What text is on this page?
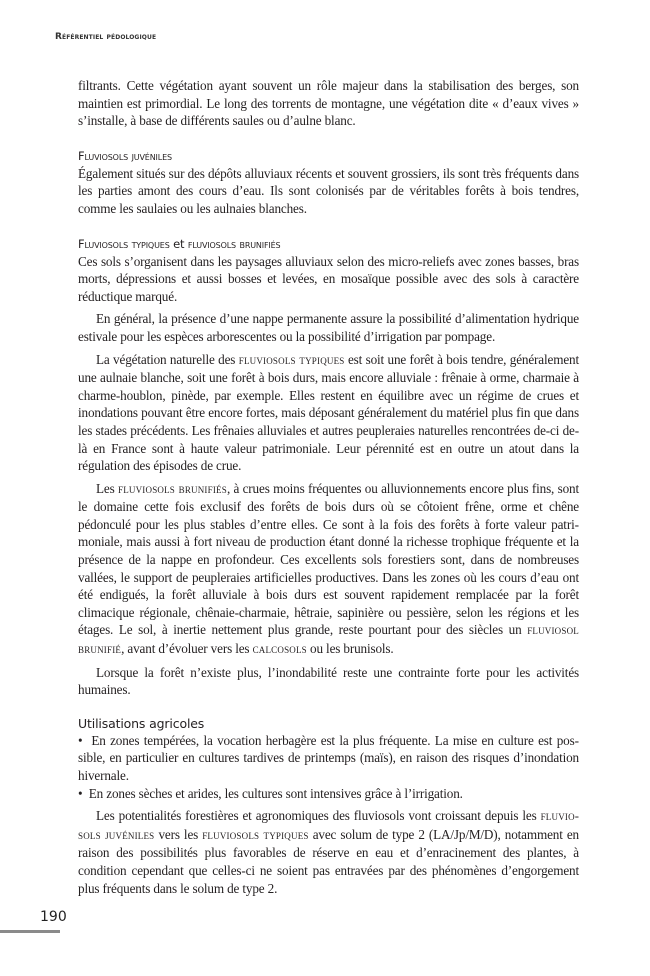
Référentiel pédologique

filtrants. Cette végétation ayant souvent un rôle majeur dans la stabilisation des berges, son maintien est primordial. Le long des torrents de montagne, une végétation dite « d’eaux vives » s’installe, à base de différents saules ou d’aulne blanc.

Fluviosols juvéniles

Également situés sur des dépôts alluviaux récents et souvent grossiers, ils sont très fréquents dans les parties amont des cours d’eau. Ils sont colonisés par de véritables forêts à bois tendres, comme les saulaies ou les aulnaies blanches.

Fluviosols typiques et fluviosols brunifiés

Ces sols s’organisent dans les paysages alluviaux selon des micro-reliefs avec zones basses, bras morts, dépressions et aussi bosses et levées, en mosaïque possible avec des sols à caractère réductique marqué.

En général, la présence d’une nappe permanente assure la possibilité d’alimentation hydrique estivale pour les espèces arborescentes ou la possibilité d’irrigation par pompage.

La végétation naturelle des fluviosols typiques est soit une forêt à bois tendre, généralement une aulnaie blanche, soit une forêt à bois durs, mais encore alluviale : frênaie à orme, charmaie à charme-houblon, pinède, par exemple. Elles restent en équilibre avec un régime de crues et inondations pouvant être encore fortes, mais déposant généralement du matériel plus fin que dans les stades précédents. Les frênaies alluviales et autres peupleraies naturelles rencontrées de-ci de-là en France sont à haute valeur patrimoniale. Leur pérennité est en outre un atout dans la régulation des épisodes de crue.

Les fluviosols brunifiés, à crues moins fréquentes ou alluvionnements encore plus fins, sont le domaine cette fois exclusif des forêts de bois durs où se côtoient frêne, orme et chêne pédonculé pour les plus stables d’entre elles. Ce sont à la fois des forêts à forte valeur patrimoniale, mais aussi à fort niveau de production étant donné la richesse trophique fréquente et la présence de la nappe en profondeur. Ces excellents sols forestiers sont, dans de nombreuses vallées, le support de peupleraies artificielles productives. Dans les zones où les cours d’eau ont été endigués, la forêt alluviale à bois durs est souvent rapidement remplacée par la forêt climacique régionale, chênaie-charmaie, hêtraie, sapinière ou pessière, selon les régions et les étages. Le sol, à inertie nettement plus grande, reste pourtant pour des siècles un fluviosol brunifié, avant d’évoluer vers les calcosols ou les brunisols.

Lorsque la forêt n’existe plus, l’inondabilité reste une contrainte forte pour les activités humaines.

Utilisations agricoles

• En zones tempérées, la vocation herbagère est la plus fréquente. La mise en culture est possible, en particulier en cultures tardives de printemps (maïs), en raison des risques d’inondation hivernale.

• En zones sèches et arides, les cultures sont intensives grâce à l’irrigation.

Les potentialités forestières et agronomiques des fluviosols vont croissant depuis les fluviosols juvéniles vers les fluviosols typiques avec solum de type 2 (LA/Jp/M/D), notamment en raison des possibilités plus favorables de réserve en eau et d’enracinement des plantes, à condition cependant que celles-ci ne soient pas entravées par des phénomènes d’engorgement plus fréquents dans le solum de type 2.

190
